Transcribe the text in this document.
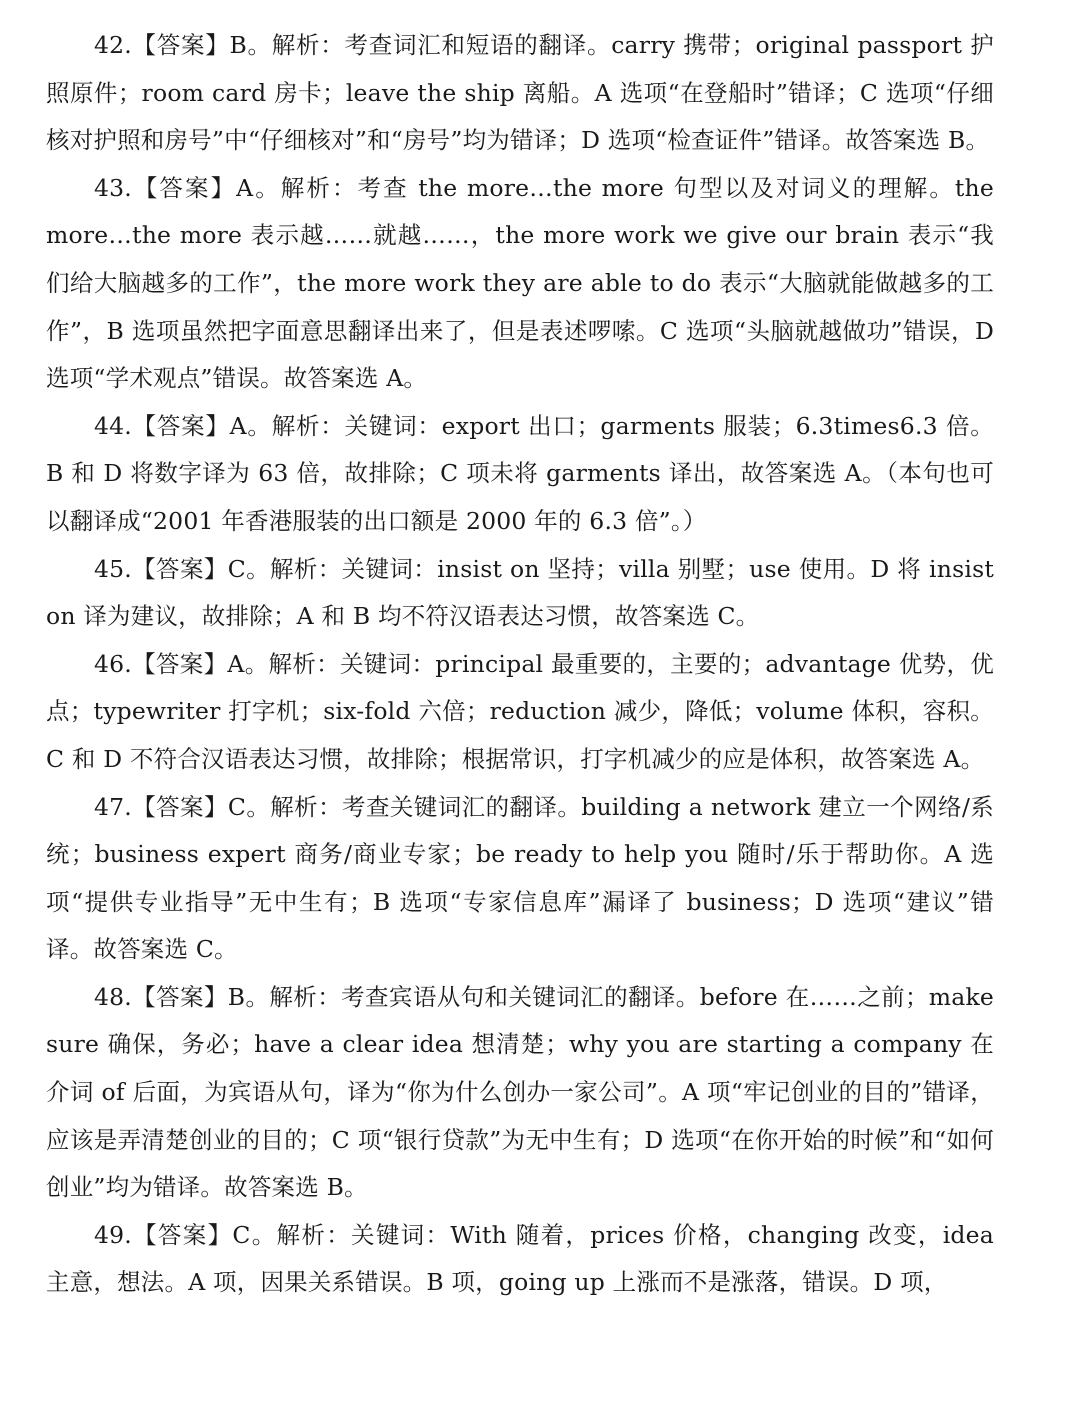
42.【答案】B。解析：考查词汇和短语的翻译。carry 携带；original passport 护照原件；room card 房卡；leave the ship 离船。A 选项“在登船时”错译；C 选项“仔细核对护照和房号”中“仔细核对”和“房号”均为错译；D 选项“检查证件”错译。故答案选 B。

43.【答案】A。解析：考查 the more…the more 句型以及对词义的理解。the more…the more 表示越……就越……，the more work we give our brain 表示“我们给大脑越多的工作”，the more work they are able to do 表示“大脑就能做越多的工作”，B 选项虽然把字面意思翻译出来了，但是表述啰嗦。C 选项“头脑就越做功”错误，D 选项“学术观点”错误。故答案选 A。

44.【答案】A。解析：关键词：export 出口；garments 服装；6.3times6.3 倍。B 和 D 将数字译为 63 倍，故排除；C 项未将 garments 译出，故答案选 A。（本句也可以翻译成“2001 年香港服装的出口额是 2000 年的 6.3 倍”。）

45.【答案】C。解析：关键词：insist on 坚持；villa 别墅；use 使用。D 将 insist on 译为建议，故排除；A 和 B 均不符汉语表达习惯，故答案选 C。

46.【答案】A。解析：关键词：principal 最重要的，主要的；advantage 优势，优点；typewriter 打字机；six-fold 六倍；reduction 减少，降低；volume 体积，容积。C 和 D 不符合汉语表达习惯，故排除；根据常识，打字机减少的应是体积，故答案选 A。

47.【答案】C。解析：考查关键词汇的翻译。building a network 建立一个网络/系统；business expert 商务/商业专家；be ready to help you 随时/乐于帮助你。A 选项“提供专业指导”无中生有；B 选项“专家信息库”漏译了 business；D 选项“建议”错译。故答案选 C。

48.【答案】B。解析：考查宾语从句和关键词汇的翻译。before 在……之前；make sure 确保，务必；have a clear idea 想清楚；why you are starting a company 在介词 of 后面，为宾语从句，译为“你为什么创办一家公司”。A 项“牢记创业的目的”错译，应该是弄清楚创业的目的；C 项“银行贷款”为无中生有；D 选项“在你开始的时候”和“如何创业”均为错译。故答案选 B。

49.【答案】C。解析：关键词：With 随着，prices 价格，changing 改变，idea 主意，想法。A 项，因果关系错误。B 项，going up 上涨而不是涨落，错误。D 项，
